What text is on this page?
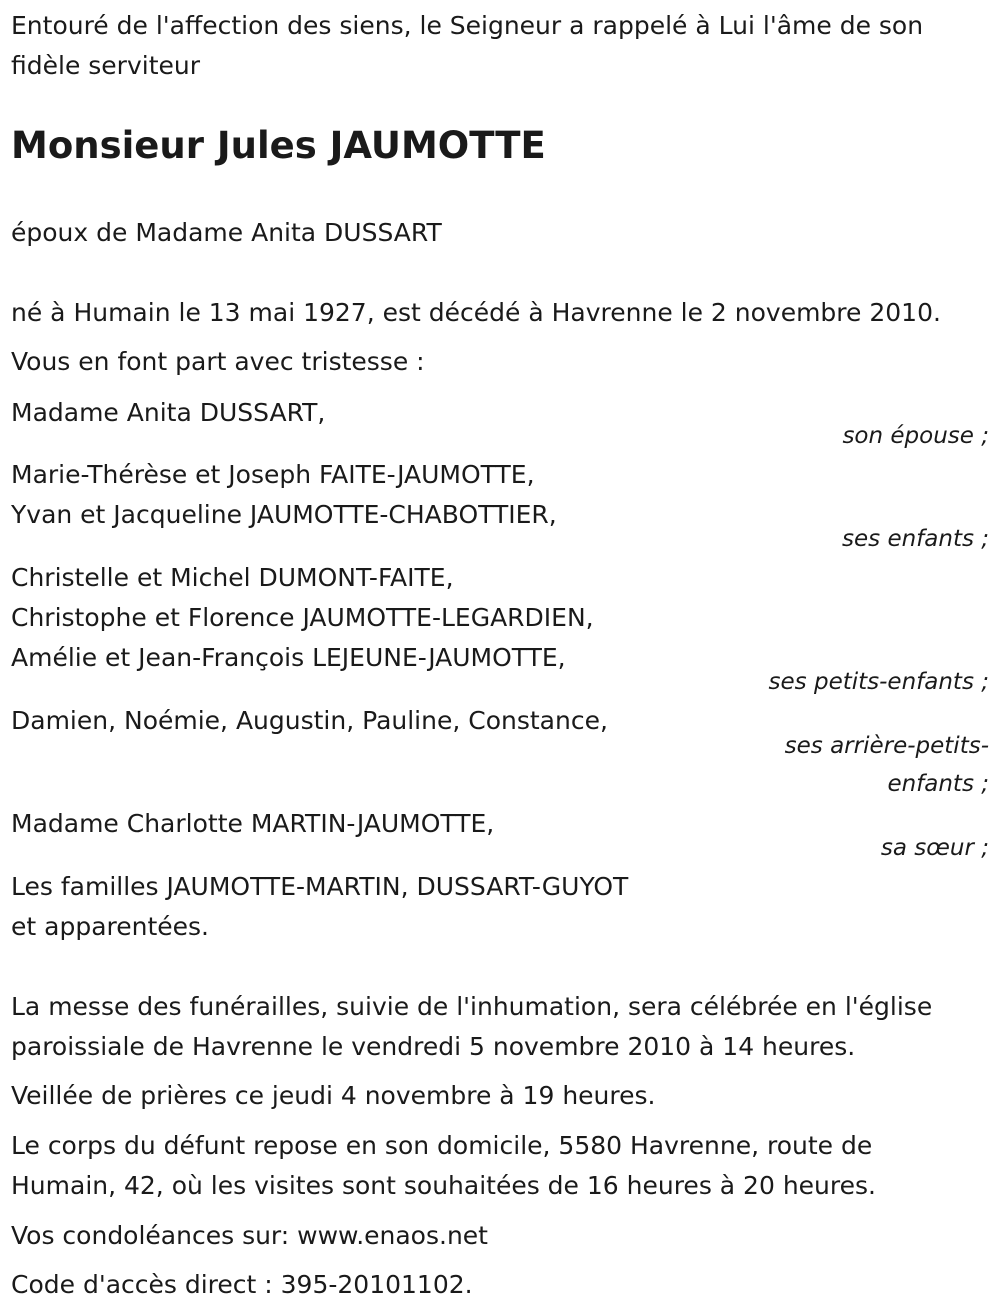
Entouré de l'affection des siens, le Seigneur a rappelé à Lui l'âme de son

fidèle serviteur

Monsieur Jules JAUMOTTE

époux de Madame Anita DUSSART

né à Humain le 13 mai 1927, est décédé à Havrenne le 2 novembre 2010.

Vous en font part avec tristesse :

Madame Anita DUSSART,

son épouse ;

Marie-Thérèse et Joseph FAITE-JAUMOTTE,

Yvan et Jacqueline JAUMOTTE-CHABOTTIER,

ses enfants ;

Christelle et Michel DUMONT-FAITE,

Christophe et Florence JAUMOTTE-LEGARDIEN,

Amélie et Jean-François LEJEUNE-JAUMOTTE,

ses petits-enfants ;

Damien, Noémie, Augustin, Pauline, Constance,

ses arrière-petits-

enfants ;

Madame Charlotte MARTIN-JAUMOTTE,

sa sœur ;

Les familles JAUMOTTE-MARTIN, DUSSART-GUYOT

et apparentées.

La messe des funérailles, suivie de l'inhumation, sera célébrée en l'église

paroissiale de Havrenne le vendredi 5 novembre 2010 à 14 heures.

Veillée de prières ce jeudi 4 novembre à 19 heures.

Le corps du défunt repose en son domicile, 5580 Havrenne, route de

Humain, 42, où les visites sont souhaitées de 16 heures à 20 heures.

Vos condoléances sur: www.enaos.net

Code d'accès direct : 395-20101102.
